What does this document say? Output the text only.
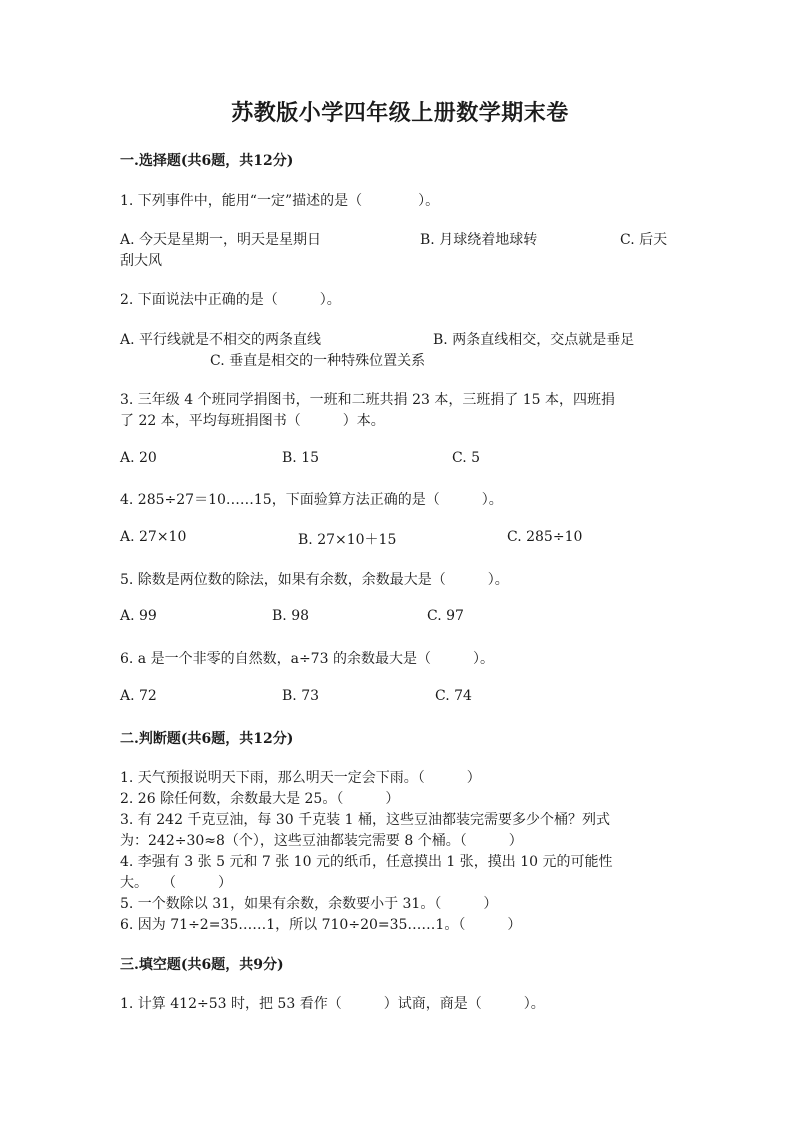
苏教版小学四年级上册数学期末卷
一.选择题(共6题，共12分)
1. 下列事件中，能用“一定”描述的是（　　　　）。
A. 今天是星期一，明天是星期日	B. 月球绕着地球转	C. 后天
刮大风
2. 下面说法中正确的是（　　　）。
A. 平行线就是不相交的两条直线	B. 两条直线相交，交点就是垂足
C. 垂直是相交的一种特殊位置关系
3. 三年级 4 个班同学捐图书，一班和二班共捐 23 本，三班捐了 15 本，四班捐
了 22 本，平均每班捐图书（　　　）本。
A. 20	B. 15	C. 5
4. 285÷27＝10……15，下面验算方法正确的是（　　　）。
A. 27×10	B. 27×10＋15	C. 285÷10
5. 除数是两位数的除法，如果有余数，余数最大是（　　　）。
A. 99	B. 98	C. 97
6. a 是一个非零的自然数，a÷73 的余数最大是（　　　）。
A. 72	B. 73	C. 74
二.判断题(共6题，共12分)
1. 天气预报说明天下雨，那么明天一定会下雨。（　　　）
2. 26 除任何数，余数最大是 25。（　　　）
3. 有 242 千克豆油，每 30 千克装 1 桶，这些豆油都装完需要多少个桶？列式
为：242÷30≈8（个），这些豆油都装完需要 8 个桶。（　　　）
4. 李强有 3 张 5 元和 7 张 10 元的纸币，任意摸出 1 张，摸出 10 元的可能性
大。　　（　　　）
5. 一个数除以 31，如果有余数，余数要小于 31。（　　　）
6. 因为 71÷2=35……1，所以 710÷20=35……1。（　　　）
三.填空题(共6题，共9分)
1. 计算 412÷53 时，把 53 看作（　　　）试商，商是（　　　）。
